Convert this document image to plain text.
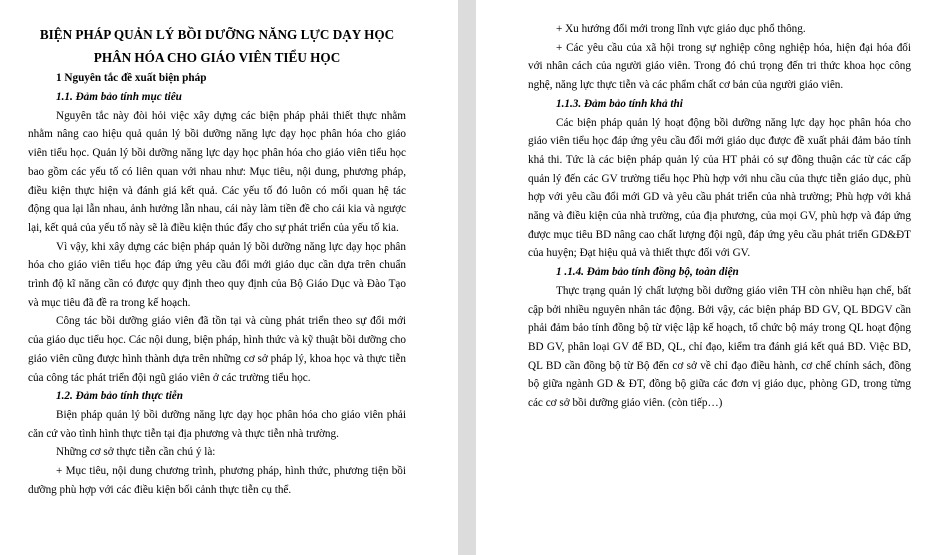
BIỆN PHÁP QUẢN LÝ BỒI DƯỠNG NĂNG LỰC DẠY HỌC

PHÂN HÓA CHO GIÁO VIÊN TIỂU HỌC

1 Nguyên tắc đề xuất biện pháp

1.1. Đảm bảo tính mục tiêu

Nguyên tắc này đòi hỏi việc xây dựng các biện pháp phải thiết thực nhằm nhằm nâng cao hiệu quả quản lý bồi dưỡng năng lực dạy học phân hóa cho giáo viên tiểu học. Quản lý bồi dưỡng năng lực dạy học phân hóa cho giáo viên tiểu học bao gồm các yếu tố có liên quan với nhau như: Mục tiêu, nội dung, phương pháp, điều kiện thực hiện và đánh giá kết quả. Các yếu tố đó luôn có mối quan hệ tác động qua lại lẫn nhau, ảnh hưởng lẫn nhau, cái này làm tiền đề cho cái kia và ngược lại, kết quả của yếu tố này sẽ là điều kiện thúc đẩy cho sự phát triển của yếu tố kia.

Vì vậy, khi xây dựng các biện pháp quản lý bồi dưỡng năng lực dạy học phân hóa cho giáo viên tiểu học đáp ứng yêu cầu đổi mới giáo dục cần dựa trên chuẩn trình độ kĩ năng cần có được quy định theo quy định của Bộ Giáo Dục và Đào Tạo và mục tiêu đã đề ra trong kế hoạch.

Công tác bồi dưỡng giáo viên đã tồn tại và cùng phát triển theo sự đổi mới của giáo dục tiểu học. Các nội dung, biện pháp, hình thức và kỹ thuật bồi dưỡng cho giáo viên cũng được hình thành dựa trên những cơ sở pháp lý, khoa học và thực tiễn của công tác phát triển đội ngũ giáo viên ở các trường tiểu học.

1.2. Đảm bảo tính thực tiễn

Biện pháp quản lý bồi dưỡng năng lực dạy học phân hóa cho giáo viên phải căn cứ vào tình hình thực tiễn tại địa phương và thực tiễn nhà trường.

Những cơ sở thực tiễn cần chú ý là:

+ Mục tiêu, nội dung chương trình, phương pháp, hình thức, phương tiện bồi dưỡng phù hợp với các điều kiện bối cảnh thực tiễn cụ thể.

+ Xu hướng đổi mới trong lĩnh vực giáo dục phổ thông.

+ Các yêu cầu của xã hội trong sự nghiệp công nghiệp hóa, hiện đại hóa đối với nhân cách của người giáo viên. Trong đó chú trọng đến tri thức khoa học công nghệ, năng lực thực tiễn và các phẩm chất cơ bản của người giáo viên.

1.1.3. Đảm bảo tính khả thi

Các biện pháp quản lý hoạt động bồi dưỡng năng lực dạy học phân hóa cho giáo viên tiểu học đáp ứng yêu cầu đổi mới giáo dục được đề xuất phải đảm bảo tính khả thi. Tức là các biện pháp quản lý của HT phải có sự đồng thuận các từ các cấp quản lý đến các GV trường tiểu học Phù hợp với nhu cầu của thực tiễn giáo dục, phù hợp với yêu cầu đổi mới GD và yêu cầu phát triển của nhà trường; Phù hợp với khả năng và điều kiện của nhà trường, của địa phương, của mọi GV, phù hợp và đáp ứng được mục tiêu BD nâng cao chất lượng đội ngũ, đáp ứng yêu cầu phát triển GD&ĐT của huyện; Đạt hiệu quả và thiết thực đối với GV.

1 .1.4. Đảm bảo tính đồng bộ, toàn diện

Thực trạng quản lý chất lượng bồi dưỡng giáo viên TH còn nhiều hạn chế, bất cập bởi nhiều nguyên nhân tác động. Bởi vậy, các biện pháp BD GV, QL BDGV cần phải đảm bảo tính đồng bộ từ việc lập kế hoạch, tổ chức bộ máy trong QL hoạt động BD GV, phân loại GV để BD, QL, chỉ đạo, kiểm tra đánh giá kết quả BD. Việc BD, QL BD cần đồng bộ từ Bộ đến cơ sở về chỉ đạo điều hành, cơ chế chính sách, đồng bộ giữa ngành GD & ĐT, đồng bộ giữa các đơn vị giáo dục, phòng GD, trong từng các cơ sở bồi dưỡng giáo viên. (còn tiếp…)
